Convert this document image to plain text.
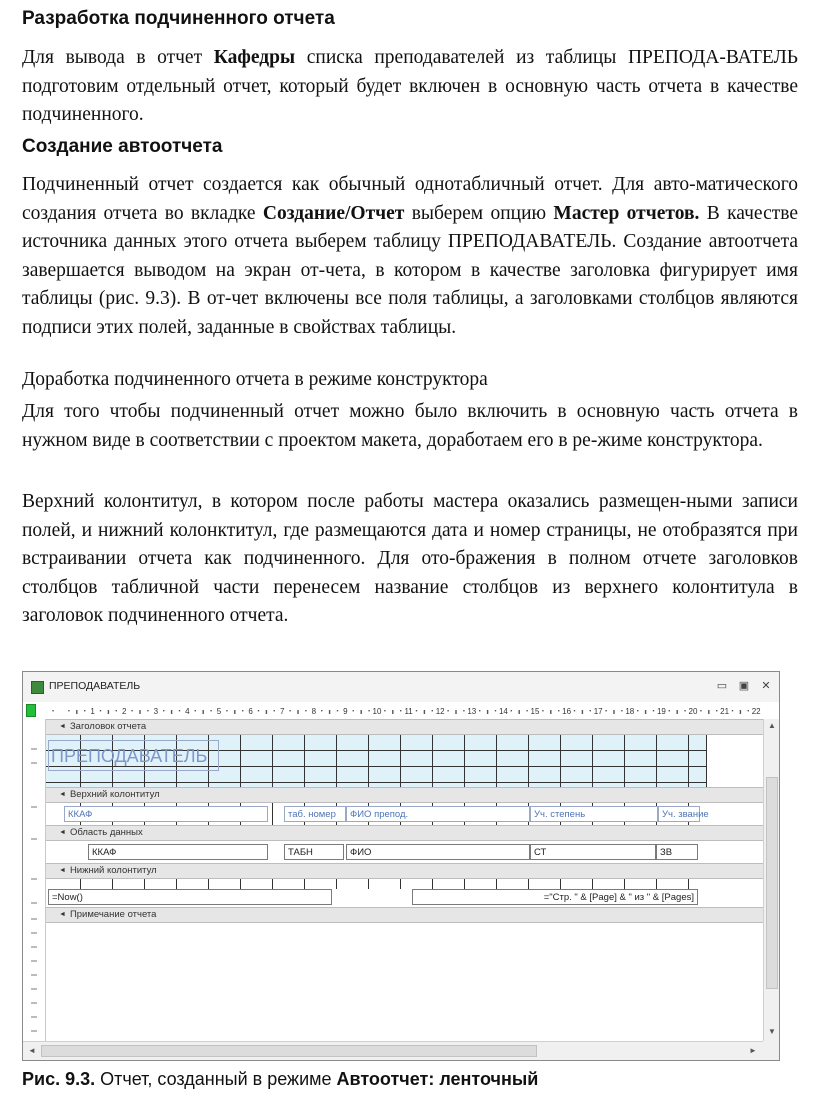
Разработка подчиненного отчета

Для вывода в отчет Кафедры списка преподавателей из таблицы ПРЕПОДА-ВАТЕЛЬ подготовим отдельный отчет, который будет включен в основную часть отчета в качестве подчиненного.

Создание автоотчета

Подчиненный отчет создается как обычный однотабличный отчет. Для авто-матического создания отчета во вкладке Создание/Отчет выберем опцию Мастер отчетов. В качестве источника данных этого отчета выберем таблицу ПРЕПОДАВАТЕЛЬ. Создание автоотчета завершается выводом на экран от-чета, в котором в качестве заголовка фигурирует имя таблицы (рис. 9.3). В от-чет включены все поля таблицы, а заголовками столбцов являются подписи этих полей, заданные в свойствах таблицы.

Доработка подчиненного отчета в режиме конструктора

Для того чтобы подчиненный отчет можно было включить в основную часть отчета в нужном виде в соответствии с проектом макета, доработаем его в ре-жиме конструктора.

Верхний колонтитул, в котором после работы мастера оказались размещен-ными записи полей, и нижний колонктитул, где размещаются дата и номер страницы, не отобразятся при встраивании отчета как подчиненного. Для ото-бражения в полном отчете заголовков столбцов табличной части перенесем название столбцов из верхнего колонтитула в заголовок подчиненного отчета.

ПРЕПОДАВАТЕЛЬ	▭	▣	✕
1	2	3	4	5	6	7	8	9	10	11	12	13	14	15	16	17	18	19	20	21	22
◄ Заголовок отчета
ПРЕПОДАВАТЕЛЬ
◄ Верхний колонтитул
ККАФ	таб. номер	ФИО препод.	Уч. степень	Уч. звание
◄ Область данных
ККАФ	ТАБН	ФИО	СТ	ЗВ
◄ Нижний колонтитул
=Now()	="Стр. " & [Page] & " из " & [Pages]
◄ Примечание отчета
▲
▼
◄	►

Рис. 9.3. Отчет, созданный в режиме Автоотчет: ленточный
